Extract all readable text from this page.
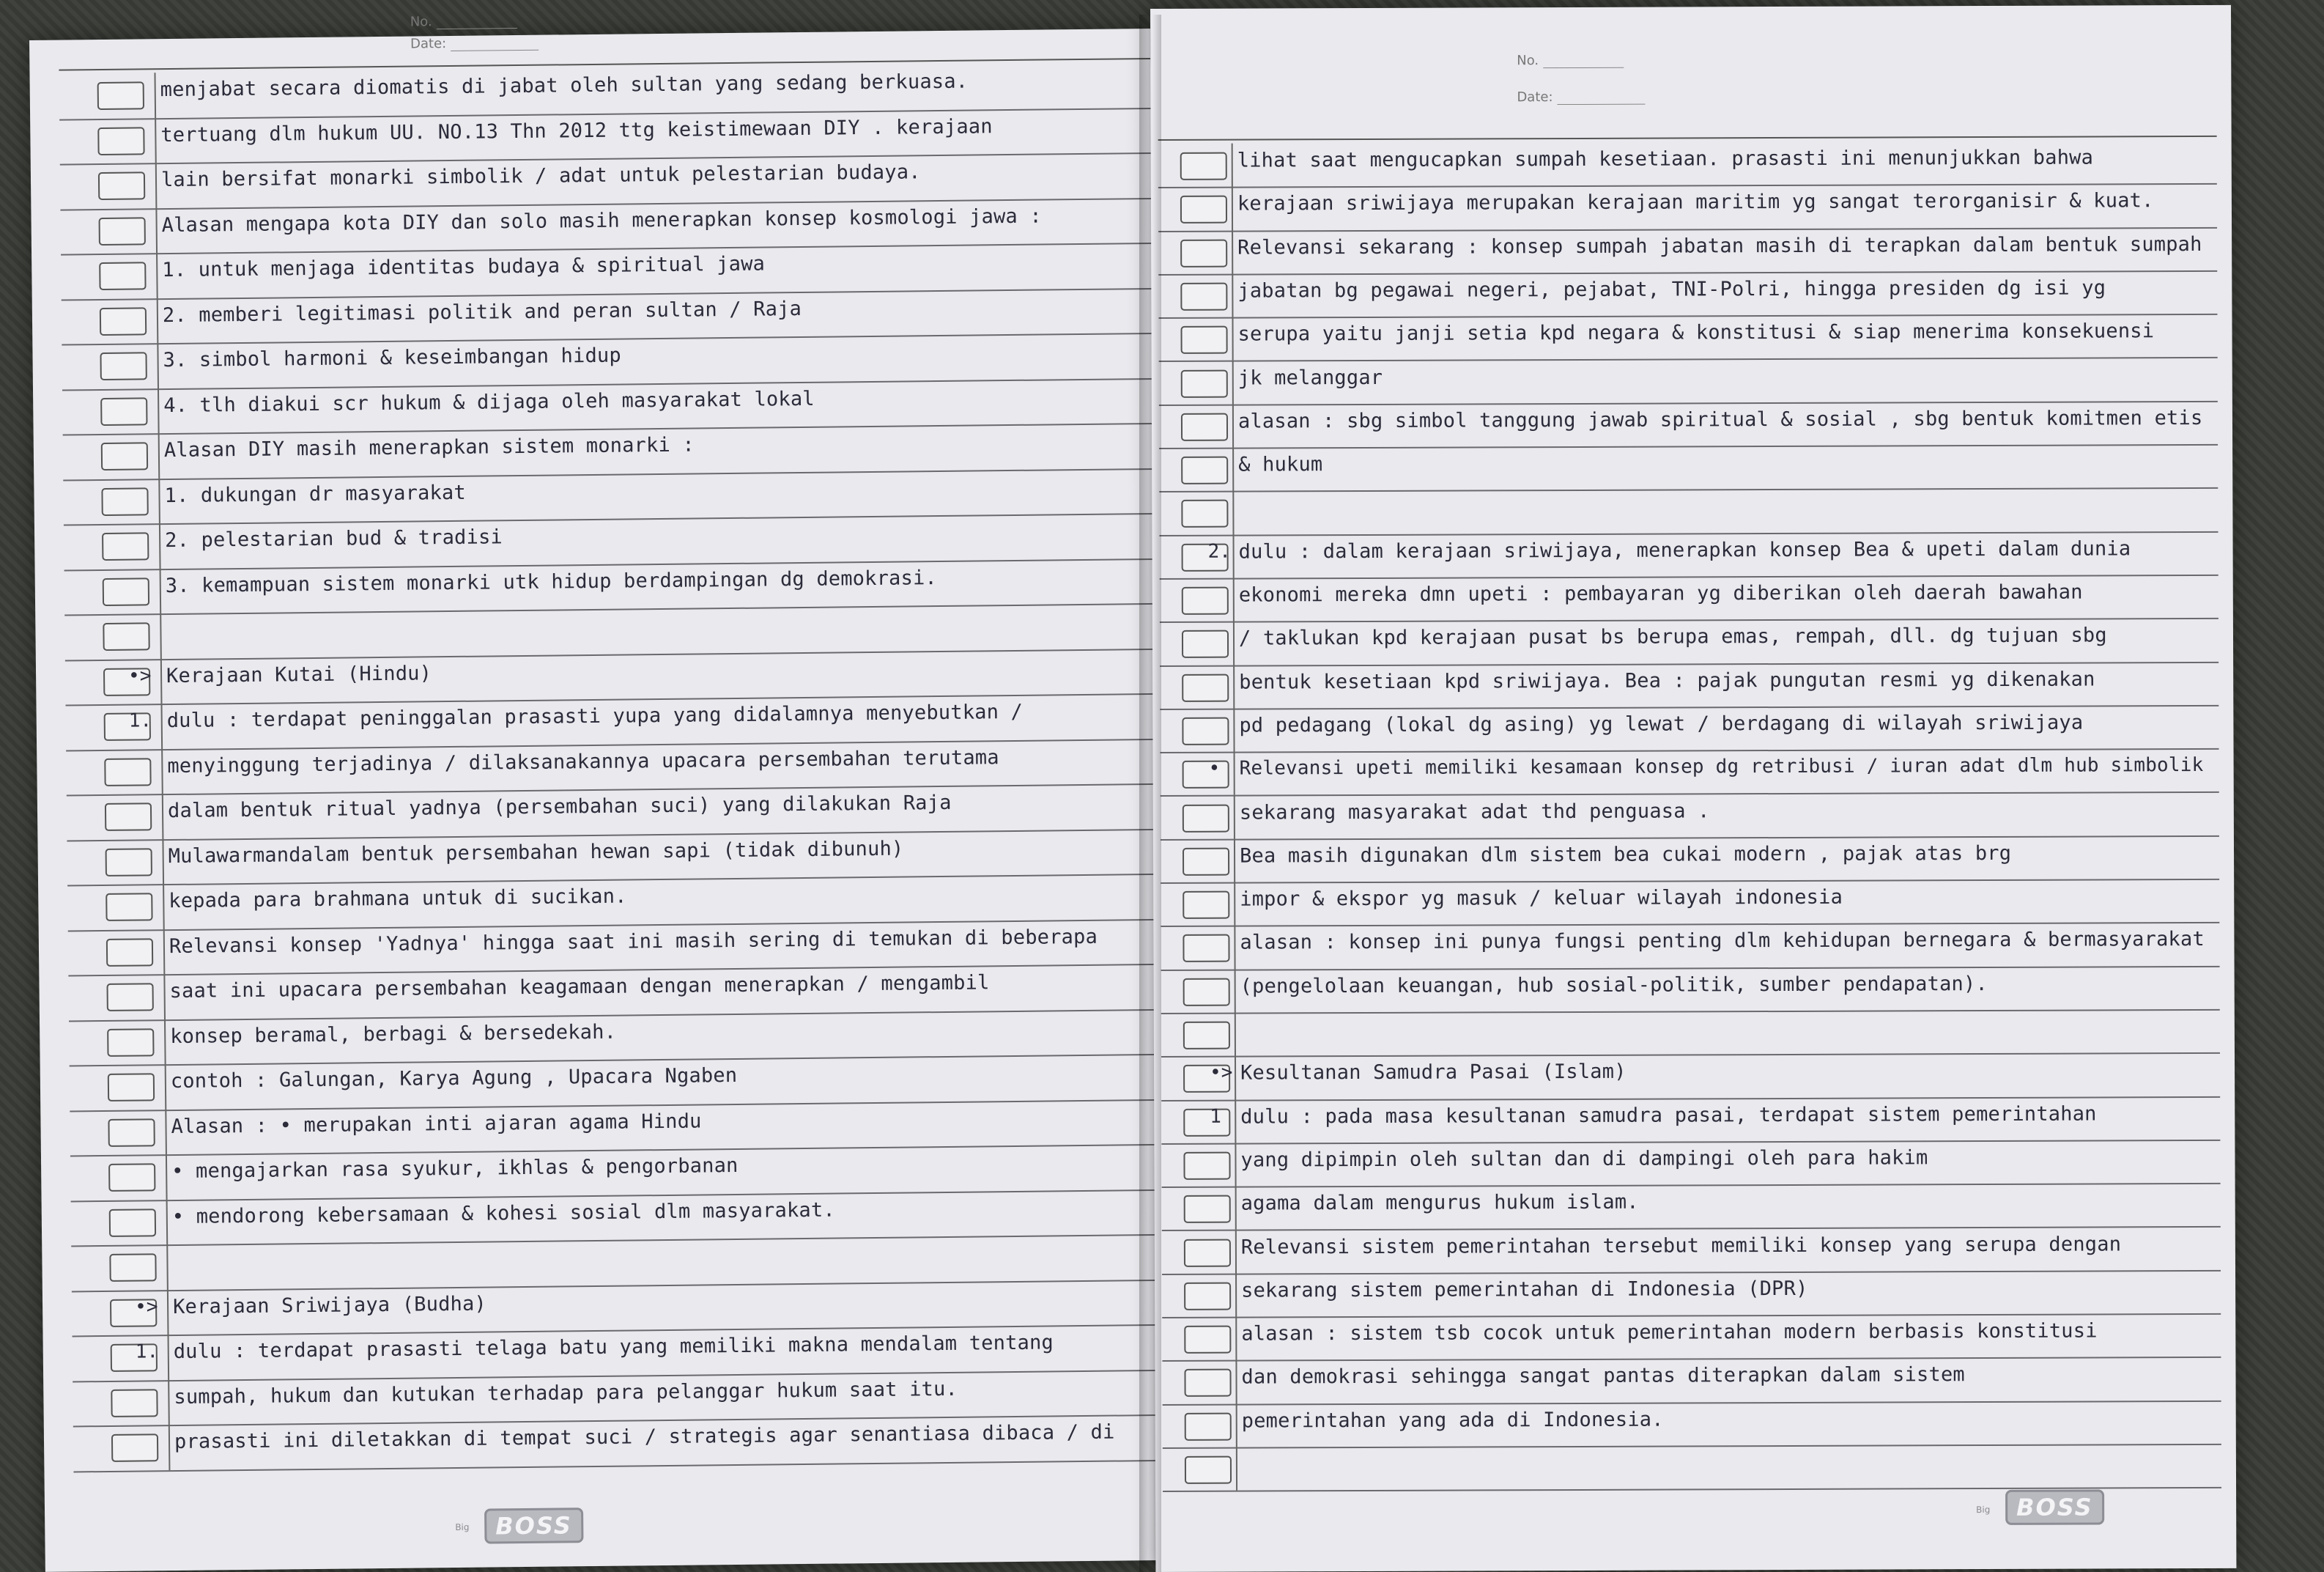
No.
Date:
menjabat secara diomatis di jabat oleh sultan yang sedang berkuasa.
tertuang dlm hukum UU. NO.13 Thn 2012 ttg keistimewaan DIY . kerajaan
lain bersifat monarki simbolik / adat untuk pelestarian budaya.
Alasan mengapa kota DIY dan solo masih menerapkan konsep kosmologi jawa :
1. untuk menjaga identitas budaya & spiritual jawa
2. memberi legitimasi politik and peran sultan / Raja
3. simbol harmoni & keseimbangan hidup
4. tlh diakui scr hukum & dijaga oleh masyarakat lokal
Alasan DIY masih menerapkan sistem monarki :
1. dukungan dr masyarakat
2. pelestarian bud & tradisi
3. kemampuan sistem monarki utk hidup berdampingan dg demokrasi.
•> Kerajaan Kutai (Hindu)
1. dulu : terdapat peninggalan prasasti yupa yang didalamnya menyebutkan /
menyinggung terjadinya / dilaksanakannya upacara persembahan terutama
dalam bentuk ritual yadnya (persembahan suci) yang dilakukan Raja
Mulawarmandalam bentuk persembahan hewan sapi (tidak dibunuh)
kepada para brahmana untuk di sucikan.
Relevansi konsep 'Yadnya' hingga saat ini masih sering di temukan di beberapa
saat ini upacara persembahan keagamaan dengan menerapkan / mengambil
konsep beramal, berbagi & bersedekah.
contoh : Galungan, Karya Agung , Upacara Ngaben
Alasan : • merupakan inti ajaran agama Hindu
• mengajarkan rasa syukur, ikhlas & pengorbanan
• mendorong kebersamaan & kohesi sosial dlm masyarakat.
•> Kerajaan Sriwijaya (Budha)
1. dulu : terdapat prasasti telaga batu yang memiliki makna mendalam tentang
sumpah, hukum dan kutukan terhadap para pelanggar hukum saat itu.
prasasti ini diletakkan di tempat suci / strategis agar senantiasa dibaca / di
Big	BOSS
No.
Date:
lihat saat mengucapkan sumpah kesetiaan. prasasti ini menunjukkan bahwa
kerajaan sriwijaya merupakan kerajaan maritim yg sangat terorganisir & kuat.
Relevansi sekarang : konsep sumpah jabatan masih di terapkan dalam bentuk sumpah
jabatan bg pegawai negeri, pejabat, TNI-Polri, hingga presiden dg isi yg
serupa yaitu janji setia kpd negara & konstitusi & siap menerima konsekuensi
jk melanggar
alasan : sbg simbol tanggung jawab spiritual & sosial , sbg bentuk komitmen etis
& hukum
2. dulu : dalam kerajaan sriwijaya, menerapkan konsep Bea & upeti dalam dunia
ekonomi mereka dmn upeti : pembayaran yg diberikan oleh daerah bawahan
/ taklukan kpd kerajaan pusat bs berupa emas, rempah, dll. dg tujuan sbg
bentuk kesetiaan kpd sriwijaya. Bea : pajak pungutan resmi yg dikenakan
pd pedagang (lokal dg asing) yg lewat / berdagang di wilayah sriwijaya
• Relevansi upeti memiliki kesamaan konsep dg retribusi / iuran adat dlm hub simbolik
sekarang masyarakat adat thd penguasa .
Bea masih digunakan dlm sistem bea cukai modern , pajak atas brg
impor & ekspor yg masuk / keluar wilayah indonesia
alasan : konsep ini punya fungsi penting dlm kehidupan bernegara & bermasyarakat
(pengelolaan keuangan, hub sosial-politik, sumber pendapatan).
•> Kesultanan Samudra Pasai (Islam)
1 dulu : pada masa kesultanan samudra pasai, terdapat sistem pemerintahan
yang dipimpin oleh sultan dan di dampingi oleh para hakim
agama dalam mengurus hukum islam.
Relevansi sistem pemerintahan tersebut memiliki konsep yang serupa dengan
sekarang sistem pemerintahan di Indonesia (DPR)
alasan : sistem tsb cocok untuk pemerintahan modern berbasis konstitusi
dan demokrasi sehingga sangat pantas diterapkan dalam sistem
pemerintahan yang ada di Indonesia.
Big	BOSS
